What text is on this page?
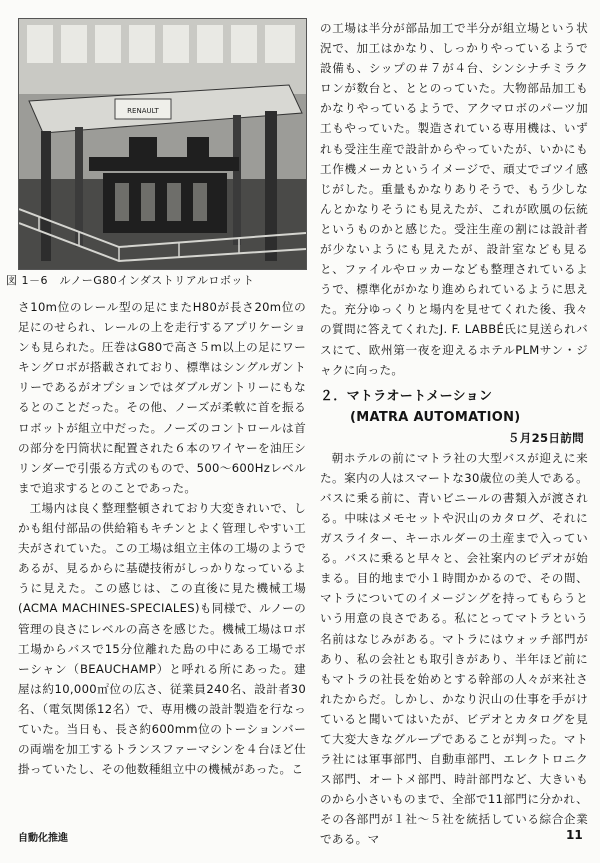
RENAULT
図 1－6　ルノーG80インダストリアルロボット

さ10m位のレール型の足にまたH80が長さ20m位の足にのせられ、レールの上を走行するアプリケーションも見られた。圧巻はG80で高さ５m以上の足にワーキングロボが搭載されており、標準はシングルガントリーであるがオプションではダブルガントリーにもなるとのことだった。その他、ノーズが柔軟に首を振るロボットが組立中だった。ノーズのコントロールは首の部分を円筒状に配置された６本のワイヤーを油圧シリンダーで引張る方式のもので、500～600Hzレベルまで追求するとのことであった。

工場内は良く整理整頓されており大変きれいで、しかも組付部品の供給箱もキチンとよく管理しやすい工夫がされていた。この工場は組立主体の工場のようであるが、見るからに基礎技術がしっかりなっているように見えた。この感じは、この直後に見た機械工場(ACMA MACHINES-SPECIALES)も同様で、ルノーの管理の良さにレベルの高さを感じた。機械工場はロボ工場からバスで15分位離れた島の中にある工場でボーシャン（BEAUCHAMP）と呼れる所にあった。建屋は約10,000㎡位の広さ、従業員240名、設計者30名、（電気関係12名）で、専用機の設計製造を行なっていた。当日も、長さ約600mm位のトーションバーの両端を加工するトランスファーマシンを４台ほど仕掛っていたし、その他数種組立中の機械があった。こ

の工場は半分が部品加工で半分が組立場という状況で、加工はかなり、しっかりやっているようで設備も、シップの＃７が４台、シンシナチミラクロンが数台と、ととのっていた。大物部品加工もかなりやっているようで、アクマロボのパーツ加工もやっていた。製造されている専用機は、いずれも受注生産で設計からやっていたが、いかにも工作機メーカというイメージで、頑丈でゴツイ感じがした。重量もかなりありそうで、もう少しなんとかなりそうにも見えたが、これが欧風の伝統というものかと感じた。受注生産の割には設計者が少ないようにも見えたが、設計室なども見ると、ファイルやロッカーなども整理されているようで、標準化がかなり進められているように思えた。充分ゆっくりと場内を見せてくれた後、我々の質問に答えてくれたJ. F. LABBÉ氏に見送られバスにて、欧州第一夜を迎えるホテルPLMサン・ジャクに向った。

２．マトラオートメーション
(MATRA AUTOMATION)
５月25日訪問

朝ホテルの前にマトラ社の大型バスが迎えに来た。案内の人はスマートな30歳位の美人である。バスに乗る前に、青いビニールの書類入が渡される。中味はメモセットや沢山のカタログ、それにガスライター、キーホルダーの土産まで入っている。バスに乗ると早々と、会社案内のビデオが始まる。目的地まで小１時間かかるので、その間、マトラについてのイメージングを持ってもらうという用意の良さである。私にとってマトラという名前はなじみがある。マトラにはウォッチ部門があり、私の会社とも取引きがあり、半年ほど前にもマトラの社長を始めとする幹部の人々が来社されたからだ。しかし、かなり沢山の仕事を手がけていると聞いてはいたが、ビデオとカタログを見て大変大きなグループであることが判った。マトラ社には軍事部門、自動車部門、エレクトロニクス部門、オートメ部門、時計部門など、大きいものから小さいものまで、全部で11部門に分かれ、その各部門が１社～５社を統括している綜合企業である。マ

自動化推進	11
